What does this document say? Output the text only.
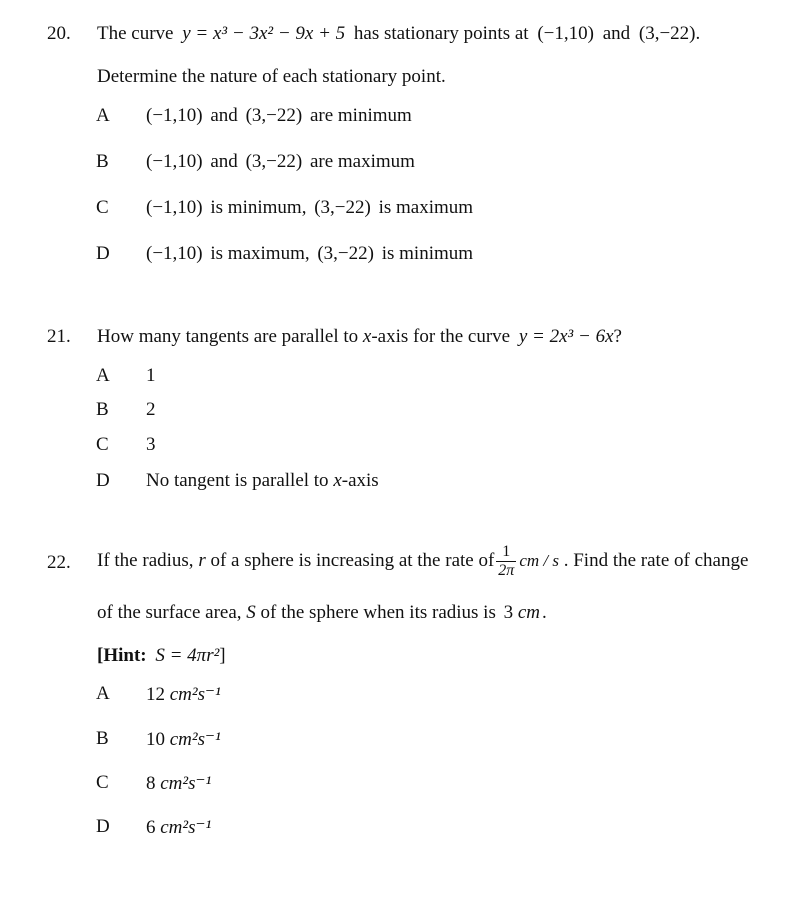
20. The curve y = x³ − 3x² − 9x + 5 has stationary points at (−1,10) and (3,−22).
Determine the nature of each stationary point.
A (−1,10) and (3,−22) are minimum
B (−1,10) and (3,−22) are maximum
C (−1,10) is minimum, (3,−22) is maximum
D (−1,10) is maximum, (3,−22) is minimum
21. How many tangents are parallel to x-axis for the curve y = 2x³ − 6x?
A 1
B 2
C 3
D No tangent is parallel to x-axis
22. If the radius,
r
of a sphere is increasing at the rate of $\frac{1}{2\pi}$ cm / s
. Find the rate of change
of the surface area, S of the sphere when its radius is 3 cm .
[Hint: S = 4πr²]
A 12 cm²s⁻¹
B 10 cm²s⁻¹
C 8 cm²s⁻¹
D 6 cm²s⁻¹
